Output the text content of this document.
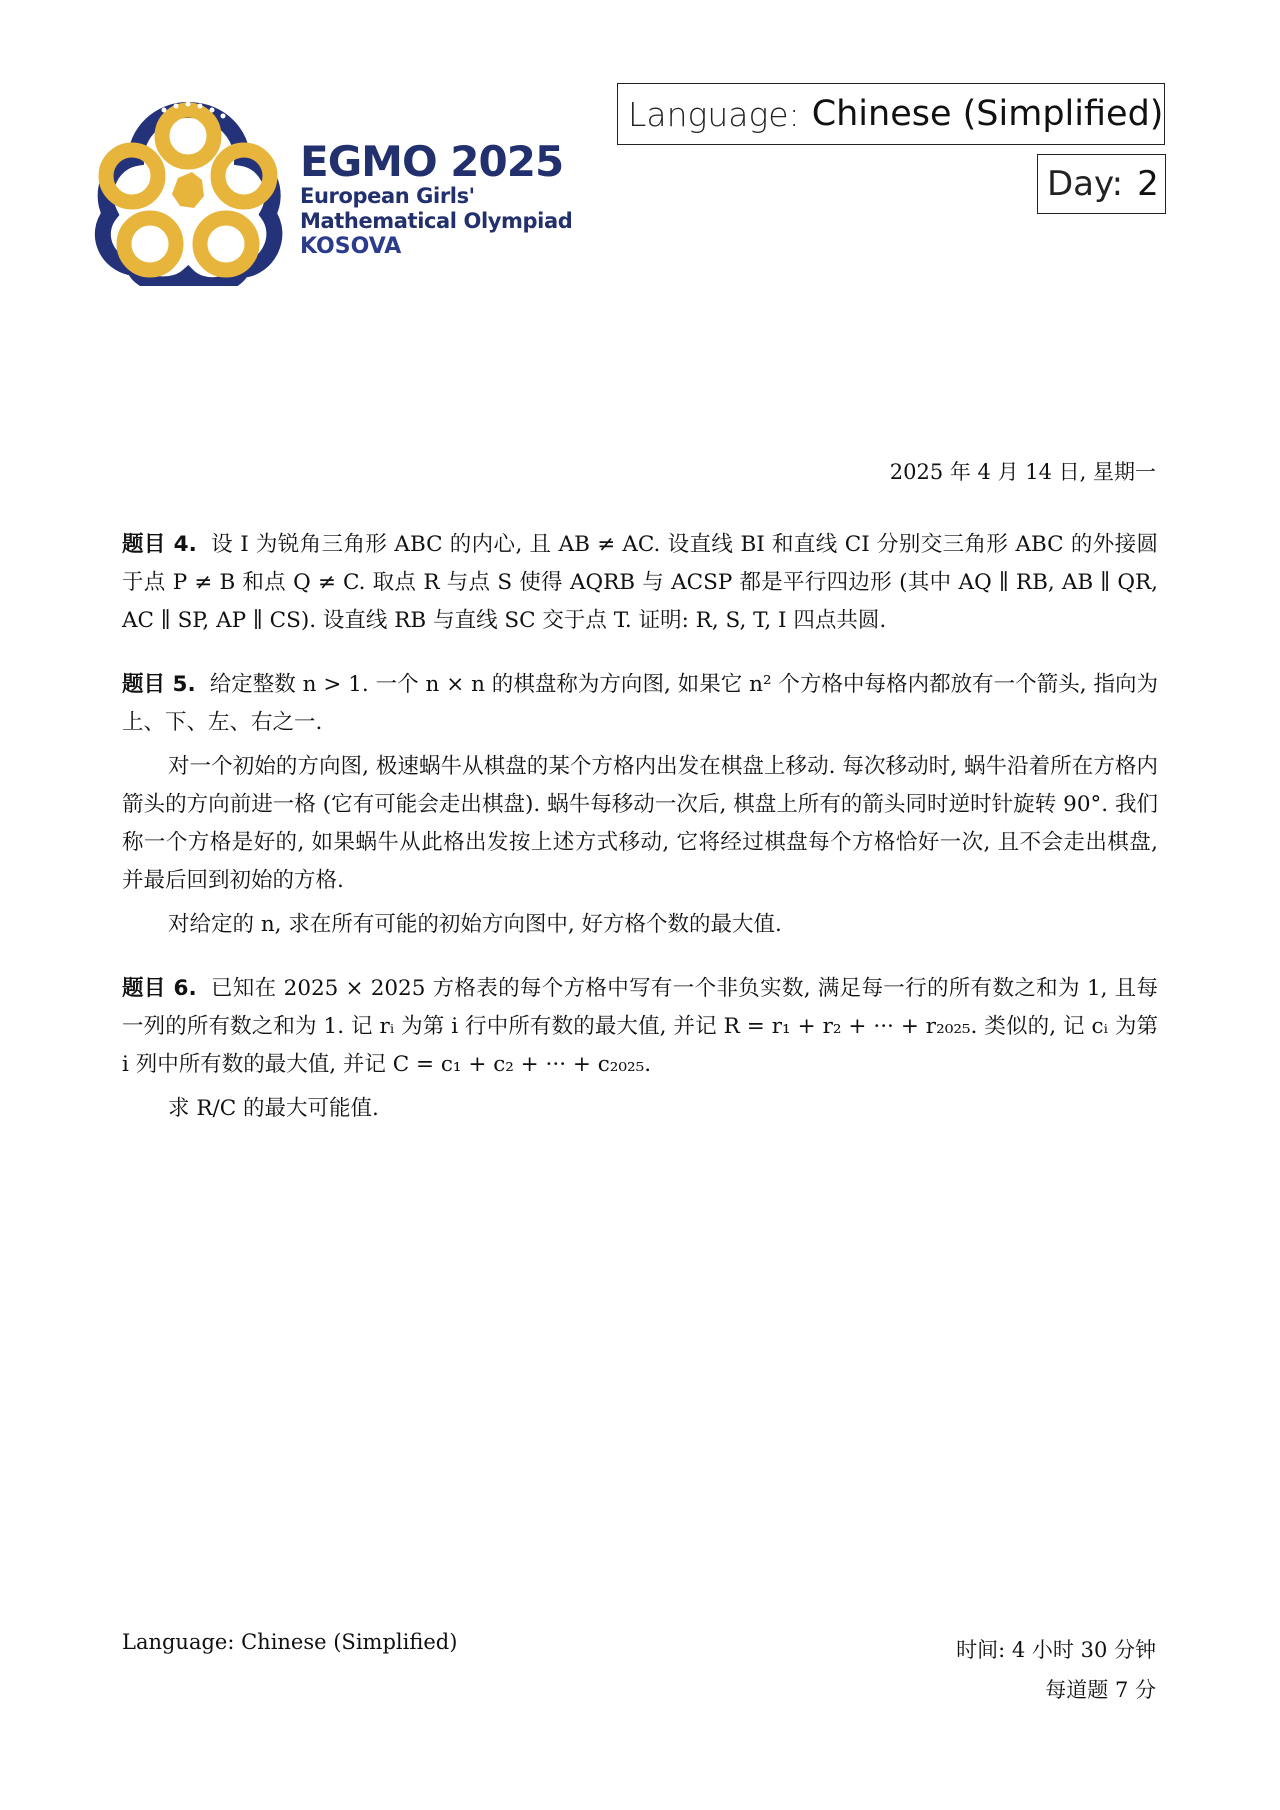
EGMO 2025
European Girls'
Mathematical Olympiad
KOSOVA
Language: Chinese (Simplified)
Day: 2
2025 年 4 月 14 日, 星期一

题目 4. 设 I 为锐角三角形 ABC 的内心, 且 AB ≠ AC. 设直线 BI 和直线 CI 分别交三角形 ABC 的外接圆于点 P ≠ B 和点 Q ≠ C. 取点 R 与点 S 使得 AQRB 与 ACSP 都是平行四边形 (其中 AQ ∥ RB, AB ∥ QR, AC ∥ SP, AP ∥ CS). 设直线 RB 与直线 SC 交于点 T. 证明: R, S, T, I 四点共圆.

题目 5. 给定整数 n > 1. 一个 n × n 的棋盘称为方向图, 如果它 n² 个方格中每格内都放有一个箭头, 指向为上、下、左、右之一.

对一个初始的方向图, 极速蜗牛从棋盘的某个方格内出发在棋盘上移动. 每次移动时, 蜗牛沿着所在方格内箭头的方向前进一格 (它有可能会走出棋盘). 蜗牛每移动一次后, 棋盘上所有的箭头同时逆时针旋转 90°. 我们称一个方格是好的, 如果蜗牛从此格出发按上述方式移动, 它将经过棋盘每个方格恰好一次, 且不会走出棋盘, 并最后回到初始的方格.

对给定的 n, 求在所有可能的初始方向图中, 好方格个数的最大值.

题目 6. 已知在 2025 × 2025 方格表的每个方格中写有一个非负实数, 满足每一行的所有数之和为 1, 且每一列的所有数之和为 1. 记 rᵢ 为第 i 行中所有数的最大值, 并记 R = r₁ + r₂ + ··· + r₂₀₂₅. 类似的, 记 cᵢ 为第 i 列中所有数的最大值, 并记 C = c₁ + c₂ + ··· + c₂₀₂₅.

求 R/C 的最大可能值.

Language: Chinese (Simplified)	时间: 4 小时 30 分钟
每道题 7 分
